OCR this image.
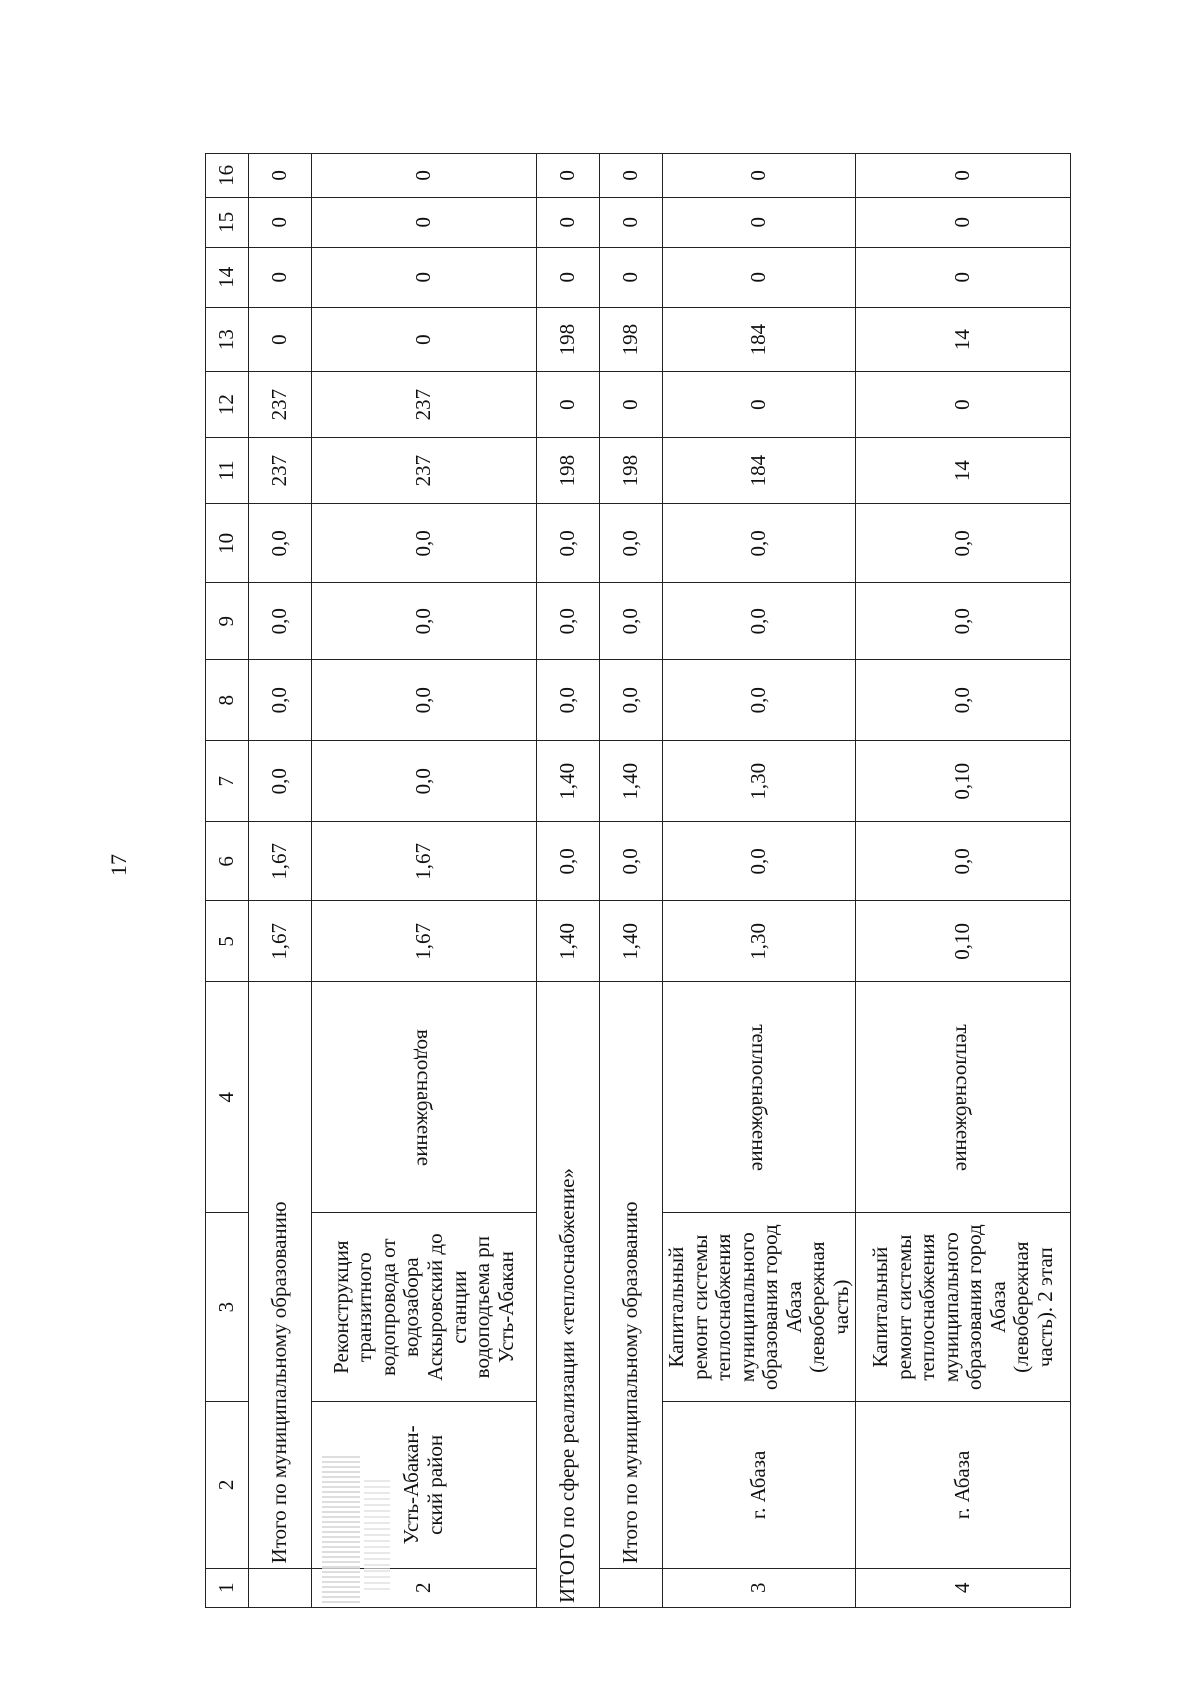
17
1	2	3	4	5	6	7	8	9	10	11	12	13	14	15	16
	Итого по муниципальному образованию			1,67	1,67	0,0	0,0	0,0	0,0	237	237	0	0	0	0
2	Усть-Абакан-ский район	Реконструкция транзитного водопровода от водозабора Аскыровский до станции водоподъема рп Усть-Абакан	водоснабжение	1,67	1,67	0,0	0,0	0,0	0,0	237	237	0	0	0	0
ИТОГО по сфере реализации «теплоснабжение»				1,40	0,0	1,40	0,0	0,0	0,0	198	0	198	0	0	0
	Итого по муниципальному образованию			1,40	0,0	1,40	0,0	0,0	0,0	198	0	198	0	0	0
3	г. Абаза	Капитальный ремонт системы теплоснабжения муниципального образования город Абаза (левобережная часть)	теплоснабжение	1,30	0,0	1,30	0,0	0,0	0,0	184	0	184	0	0	0
4	г. Абаза	Капитальный ремонт системы теплоснабжения муниципального образования город Абаза (левобережная часть). 2 этап	теплоснабжение	0,10	0,0	0,10	0,0	0,0	0,0	14	0	14	0	0	0
